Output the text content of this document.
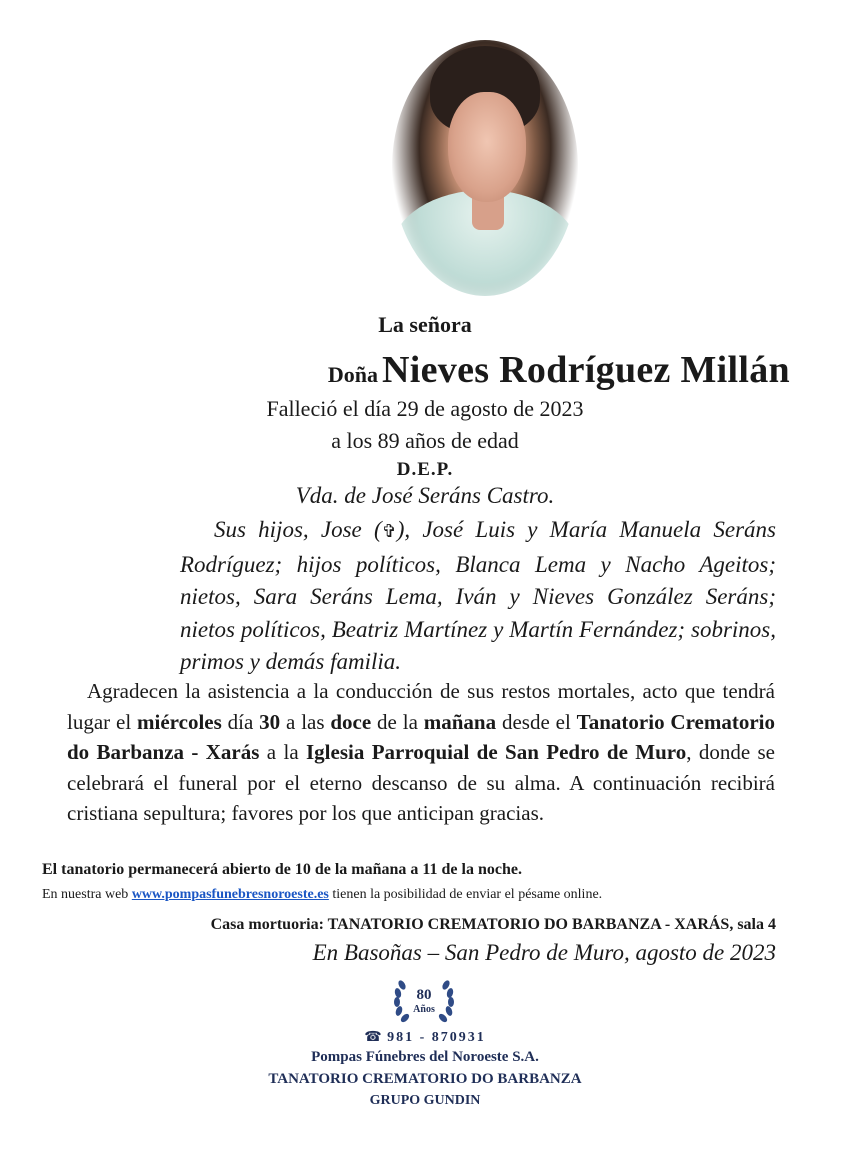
La señora
Doña Nieves Rodríguez Millán
Falleció el día 29 de agosto de 2023
a los 89 años de edad
D.E.P.
Vda. de José Seráns Castro.
Sus hijos, Jose (✞), José Luis y María Manuela Seráns Rodríguez; hijos políticos, Blanca Lema y Nacho Ageitos; nietos, Sara Seráns Lema, Iván y Nieves González Seráns; nietos políticos, Beatriz Martínez y Martín Fernández; sobrinos, primos y demás familia.
Agradecen la asistencia a la conducción de sus restos mortales, acto que tendrá lugar el miércoles día 30 a las doce de la mañana desde el Tanatorio Crematorio do Barbanza - Xarás a la Iglesia Parroquial de San Pedro de Muro, donde se celebrará el funeral por el eterno descanso de su alma. A continuación recibirá cristiana sepultura; favores por los que anticipan gracias.
El tanatorio permanecerá abierto de 10 de la mañana a 11 de la noche.
En nuestra web www.pompasfunebresnoroeste.es tienen la posibilidad de enviar el pésame online.
Casa mortuoria: TANATORIO CREMATORIO DO BARBANZA - XARÁS, sala 4
En Basoñas – San Pedro de Muro, agosto de 2023
80
Años
☎ 981 - 870931
Pompas Fúnebres del Noroeste S.A.
TANATORIO CREMATORIO DO BARBANZA
GRUPO GUNDIN
